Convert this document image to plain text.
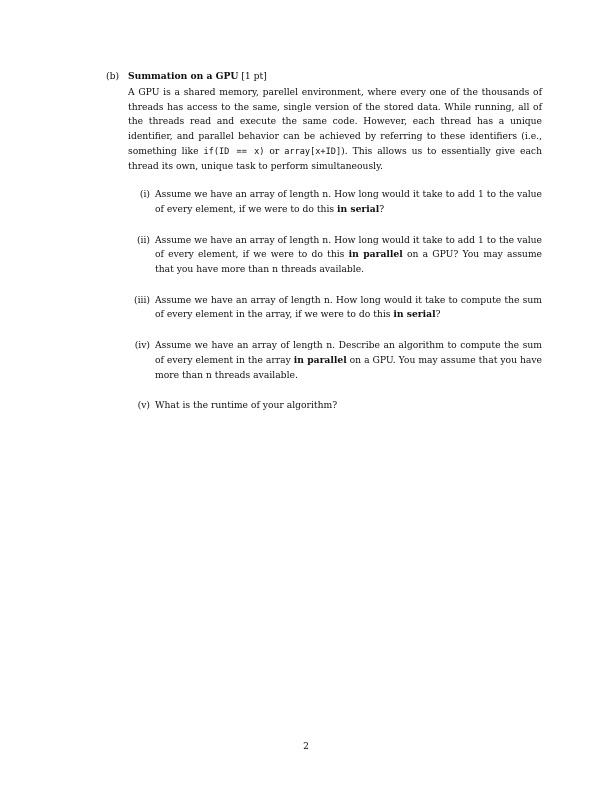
(b) Summation on a GPU [1 pt]
A GPU is a shared memory, parellel environment, where every one of the thousands of threads has access to the same, single version of the stored data. While running, all of the threads read and execute the same code. However, each thread has a unique identifier, and parallel behavior can be achieved by referring to these identifiers (i.e., something like if(ID == x) or array[x+ID]). This allows us to essentially give each thread its own, unique task to perform simultaneously.
(i) Assume we have an array of length n. How long would it take to add 1 to the value of every element, if we were to do this in serial?
(ii) Assume we have an array of length n. How long would it take to add 1 to the value of every element, if we were to do this in parallel on a GPU? You may assume that you have more than n threads available.
(iii) Assume we have an array of length n. How long would it take to compute the sum of every element in the array, if we were to do this in serial?
(iv) Assume we have an array of length n. Describe an algorithm to compute the sum of every element in the array in parallel on a GPU. You may assume that you have more than n threads available.
(v) What is the runtime of your algorithm?
2
